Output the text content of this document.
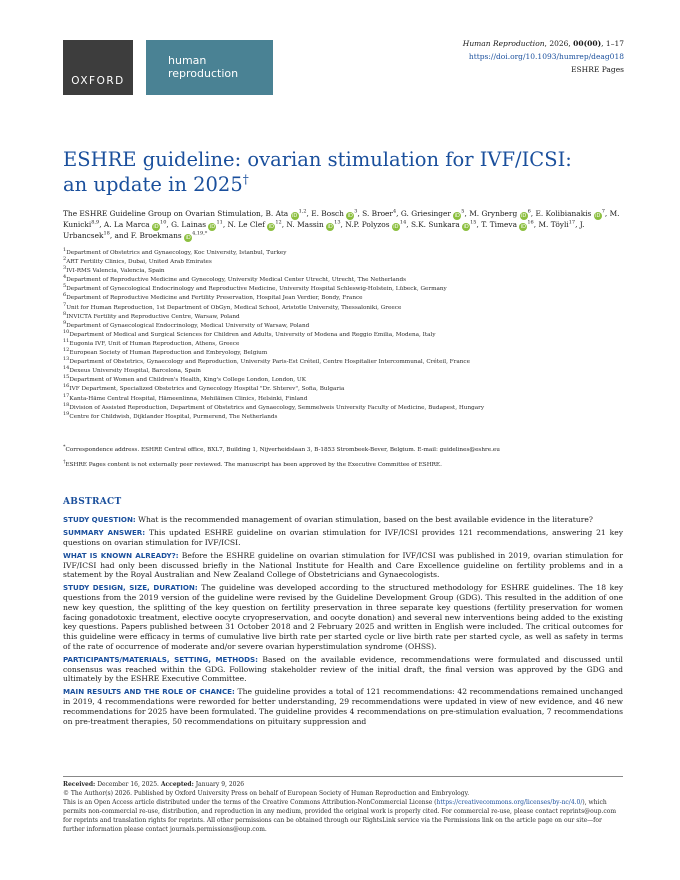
OXFORD
human
reproduction
Human Reproduction, 2026, 00(00), 1–17
https://doi.org/10.1093/humrep/deag018
ESHRE Pages
ESHRE guideline: ovarian stimulation for IVF/ICSI:
an update in 2025†
The ESHRE Guideline Group on Ovarian Stimulation, B. Ata iD$^{1,2}$, E. Bosch $iD^3$, S. Broer$^4$, G. Griesinger $iD^5$, M. Grynberg $iD^6$, E. Kolibianakis $iD^7$, M. Kunicki$^{8,9}$, A. La Marca $iD^{10}$, G. Lainas $iD^{11}$, N. Le Clef $iD^{12}$, N. Massin $iD^{13}$, N.P. Polyzos $iD^{14}$, S.K. Sunkara $iD^{15}$, T. Timeva $iD^{16}$, M. Töyli$^{17}$, J. Urbancsek$^{18}$, and F. Broekmans $iD^{4,19,*}$
$^1$Department of Obstetrics and Gynaecology, Koc University, Istanbul, Turkey
$^2$ART Fertility Clinics, Dubai, United Arab Emirates
$^3$IVI-RMS Valencia, Valencia, Spain
$^4$Department of Reproductive Medicine and Gynecology, University Medical Center Utrecht, Utrecht, The Netherlands
$^5$Department of Gynecological Endocrinology and Reproductive Medicine, University Hospital Schleswig-Holstein, Lübeck, Germany
$^6$Department of Reproductive Medicine and Fertility Preservation, Hospital Jean Verdier, Bondy, France
$^7$Unit for Human Reproduction, 1st Department of ObGyn, Medical School, Aristotle University, Thessaloniki, Greece
$^8$INVICTA Fertility and Reproductive Centre, Warsaw, Poland
$^9$Department of Gynaecological Endocrinology, Medical University of Warsaw, Poland
$^{10}$Department of Medical and Surgical Sciences for Children and Adults, University of Modena and Reggio Emilia, Modena, Italy
$^{11}$Eugonia IVF, Unit of Human Reproduction, Athens, Greece
$^{12}$European Society of Human Reproduction and Embryology, Belgium
$^{13}$Department of Obstetrics, Gynaecology and Reproduction, University Paris-Est Créteil, Centre Hospitalier Intercommunal, Créteil, France
$^{14}$Dexeus University Hospital, Barcelona, Spain
$^{15}$Department of Women and Children's Health, King's College London, London, UK
$^{16}$IVF Department, Specialized Obstetrics and Gynecology Hospital "Dr. Shterev", Sofia, Bulgaria
$^{17}$Kanta-Häme Central Hospital, Hämeenlinna, Mehiläinen Clinics, Helsinki, Finland
$^{18}$Division of Assisted Reproduction, Department of Obstetrics and Gynaecology, Semmelweis University Faculty of Medicine, Budapest, Hungary
$^{19}$Centre for Childwish, Dijklander Hospital, Purmerend, The Netherlands
*Correspondence address. ESHRE Central office, BXL7, Building 1, Nijverheidslaan 3, B-1853 Strombeek-Bever, Belgium. E-mail: guidelines@eshre.eu
†ESHRE Pages content is not externally peer reviewed. The manuscript has been approved by the Executive Committee of ESHRE.
ABSTRACT

STUDY QUESTION: What is the recommended management of ovarian stimulation, based on the best available evidence in the literature?

SUMMARY ANSWER: This updated ESHRE guideline on ovarian stimulation for IVF/ICSI provides 121 recommendations, answering 21 key questions on ovarian stimulation for IVF/ICSI.

WHAT IS KNOWN ALREADY?: Before the ESHRE guideline on ovarian stimulation for IVF/ICSI was published in 2019, ovarian stimulation for IVF/ICSI had only been discussed briefly in the National Institute for Health and Care Excellence guideline on fertility problems and in a statement by the Royal Australian and New Zealand College of Obstetricians and Gynaecologists.

STUDY DESIGN, SIZE, DURATION: The guideline was developed according to the structured methodology for ESHRE guidelines. The 18 key questions from the 2019 version of the guideline were revised by the Guideline Development Group (GDG). This resulted in the addition of one new key question, the splitting of the key question on fertility preservation in three separate key questions (fertility preservation for women facing gonadotoxic treatment, elective oocyte cryopreservation, and oocyte donation) and several new interventions being added to the existing key questions. Papers published between 31 October 2018 and 2 February 2025 and written in English were included. The critical outcomes for this guideline were efficacy in terms of cumulative live birth rate per started cycle or live birth rate per started cycle, as well as safety in terms of the rate of occurrence of moderate and/or severe ovarian hyperstimulation syndrome (OHSS).

PARTICIPANTS/MATERIALS, SETTING, METHODS: Based on the available evidence, recommendations were formulated and discussed until consensus was reached within the GDG. Following stakeholder review of the initial draft, the final version was approved by the GDG and ultimately by the ESHRE Executive Committee.

MAIN RESULTS AND THE ROLE OF CHANCE: The guideline provides a total of 121 recommendations: 42 recommendations remained unchanged in 2019, 4 recommendations were reworded for better understanding, 29 recommendations were updated in view of new evidence, and 46 new recommendations for 2025 have been formulated. The guideline provides 4 recommendations on pre-stimulation evaluation, 7 recommendations on pre-treatment therapies, 50 recommendations on pituitary suppression and

Received: December 16, 2025. Accepted: January 9, 2026
© The Author(s) 2026. Published by Oxford University Press on behalf of European Society of Human Reproduction and Embryology.
This is an Open Access article distributed under the terms of the Creative Commons Attribution-NonCommercial License (https://creativecommons.org/licenses/by-nc/4.0/), which permits non-commercial re-use, distribution, and reproduction in any medium, provided the original work is properly cited. For commercial re-use, please contact reprints@oup.com for reprints and translation rights for reprints. All other permissions can be obtained through our RightsLink service via the Permissions link on the article page on our site—for further information please contact journals.permissions@oup.com.
